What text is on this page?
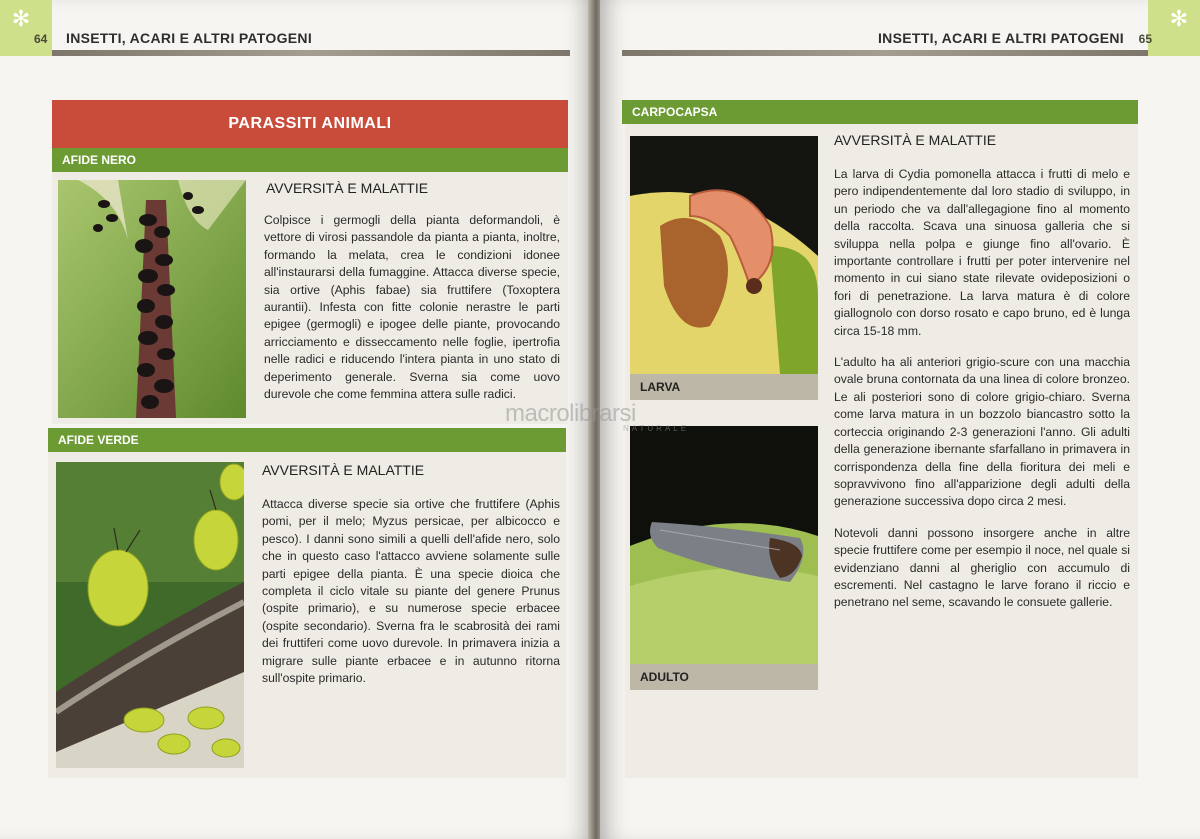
✻
64 INSETTI, ACARI E ALTRI PATOGENI
PARASSITI ANIMALI
AFIDE NERO
AVVERSITÀ E MALATTIE
Colpisce i germogli della pianta deformandoli, è vettore di virosi passandole da pianta a pianta, inoltre, formando la melata, crea le condizioni idonee all'instaurarsi della fumaggine. Attacca diverse specie, sia ortive (Aphis fabae) sia fruttifere (Toxoptera aurantii). Infesta con fitte colonie nerastre le parti epigee (germogli) e ipogee delle piante, provocando arricciamento e disseccamento nelle foglie, ipertrofia nelle radici e riducendo l'intera pianta in uno stato di deperimento generale. Sverna sia come uovo durevole che come femmina attera sulle radici.
AFIDE VERDE
AVVERSITÀ E MALATTIE
Attacca diverse specie sia ortive che fruttifere (Aphis pomi, per il melo; Myzus persicae, per albicocco e pesco). I danni sono simili a quelli dell'afide nero, solo che in questo caso l'attacco avviene solamente sulle parti epigee della pianta. È una specie dioica che completa il ciclo vitale su piante del genere Prunus (ospite primario), e su numerose specie erbacee (ospite secondario). Sverna fra le scabrosità dei rami dei fruttiferi come uovo durevole. In primavera inizia a migrare sulle piante erbacee e in autunno ritorna sull'ospite primario.
✻
65
INSETTI, ACARI E ALTRI PATOGENI
CARPOCAPSA
LARVA
ADULTO
AVVERSITÀ E MALATTIE

La larva di Cydia pomonella attacca i frutti di melo e pero indipendentemente dal loro stadio di sviluppo, in un periodo che va dall'allegagione fino al momento della raccolta. Scava una sinuosa galleria che si sviluppa nella polpa e giunge fino all'ovario. È importante controllare i frutti per poter intervenire nel momento in cui siano state rilevate ovideposizioni o fori di penetrazione. La larva matura è di colore giallognolo con dorso rosato e capo bruno, ed è lunga circa 15-18 mm.

L'adulto ha ali anteriori grigio-scure con una macchia ovale bruna contornata da una linea di colore bronzeo. Le ali posteriori sono di colore grigio-chiaro. Sverna come larva matura in un bozzolo biancastro sotto la corteccia originando 2-3 generazioni l'anno. Gli adulti della generazione ibernante sfarfallano in primavera in corrispondenza della fine della fioritura dei meli e sopravvivono fino all'apparizione degli adulti della generazione successiva dopo circa 2 mesi.

Notevoli danni possono insorgere anche in altre specie fruttifere come per esempio il noce, nel quale si evidenziano danni al gheriglio con accumulo di escrementi. Nel castagno le larve forano il riccio e penetrano nel seme, scavando le consuete gallerie.

macrolibrarsi
NATURALE
